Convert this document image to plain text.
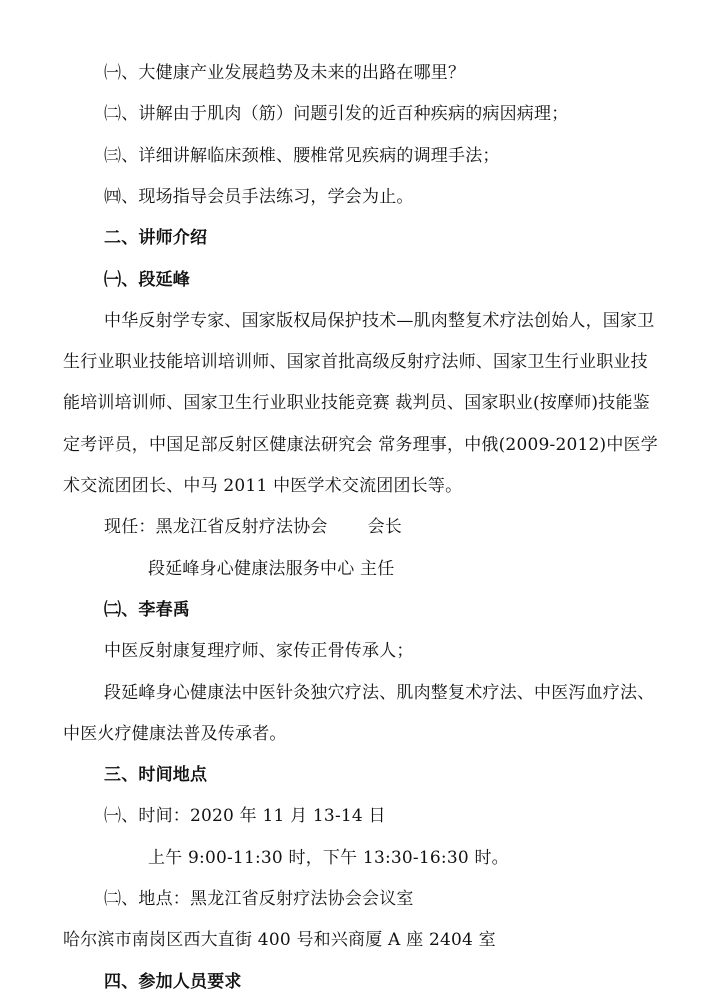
㈠、大健康产业发展趋势及未来的出路在哪里？
㈡、讲解由于肌肉（筋）问题引发的近百种疾病的病因病理；
㈢、详细讲解临床颈椎、腰椎常见疾病的调理手法；
㈣、现场指导会员手法练习，学会为止。
二、讲师介绍
㈠、段延峰
中华反射学专家、国家版权局保护技术—肌肉整复术疗法创始人，国家卫
生行业职业技能培训培训师、国家首批高级反射疗法师、国家卫生行业职业技
能培训培训师、国家卫生行业职业技能竞赛 裁判员、国家职业(按摩师)技能鉴
定考评员，中国足部反射区健康法研究会 常务理事，中俄(2009-2012)中医学
术交流团团长、中马 2011 中医学术交流团团长等。
现任：黑龙江省反射疗法协会 会长
段延峰身心健康法服务中心 主任
㈡、李春禹
中医反射康复理疗师、家传正骨传承人；
段延峰身心健康法中医针灸独穴疗法、肌肉整复术疗法、中医泻血疗法、
中医火疗健康法普及传承者。
三、时间地点
㈠、时间：2020 年 11 月 13-14 日
上午 9:00-11:30 时，下午 13:30-16:30 时。
㈡、地点：黑龙江省反射疗法协会会议室
哈尔滨市南岗区西大直街 400 号和兴商厦 A 座 2404 室
四、参加人员要求
